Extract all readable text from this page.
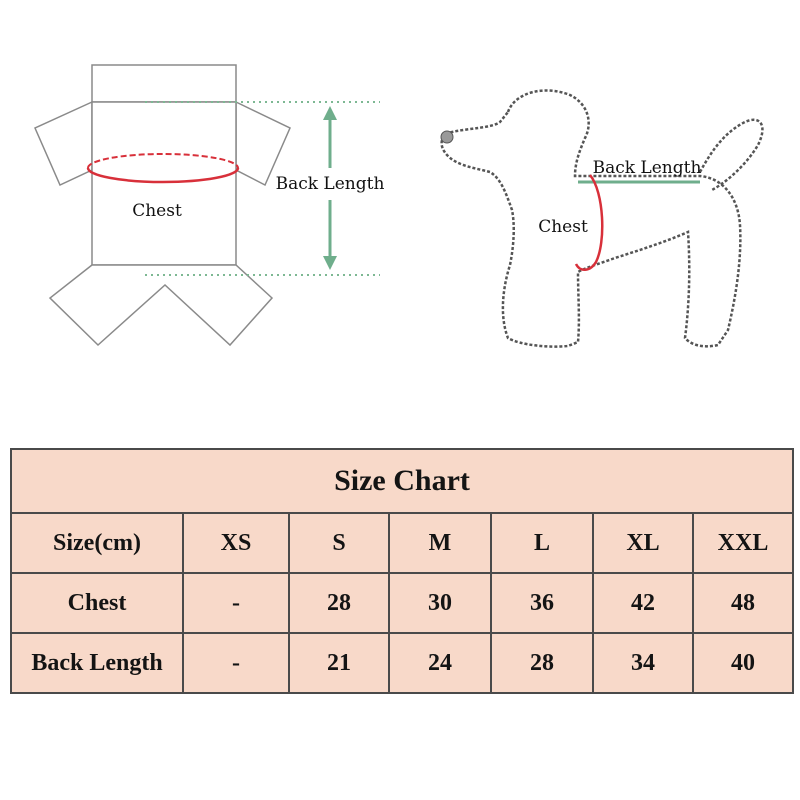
Chest
Back Length
Back Length
Chest
Size Chart						
Size(cm)	XS	S	M	L	XL	XXL
Chest	-	28	30	36	42	48
Back Length	-	21	24	28	34	40
